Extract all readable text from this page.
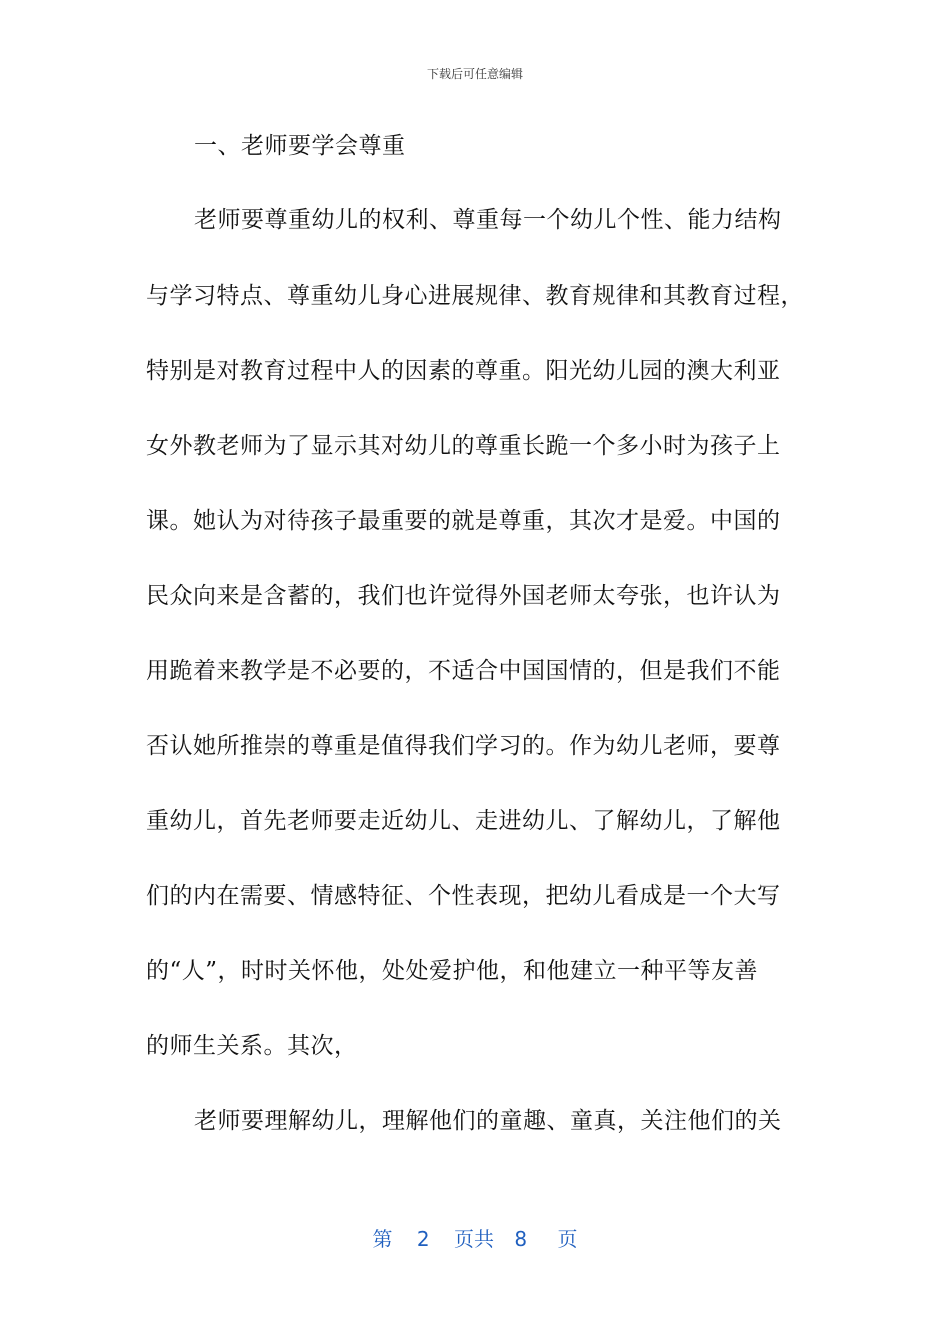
下载后可任意编辑
一、老师要学会尊重
老师要尊重幼儿的权利、尊重每一个幼儿个性、能力结构
与学习特点、尊重幼儿身心进展规律、教育规律和其教育过程，
特别是对教育过程中人的因素的尊重。阳光幼儿园的澳大利亚
女外教老师为了显示其对幼儿的尊重长跪一个多小时为孩子上
课。她认为对待孩子最重要的就是尊重，其次才是爱。中国的
民众向来是含蓄的，我们也许觉得外国老师太夸张，也许认为
用跪着来教学是不必要的，不适合中国国情的，但是我们不能
否认她所推崇的尊重是值得我们学习的。作为幼儿老师，要尊
重幼儿，首先老师要走近幼儿、走进幼儿、了解幼儿，了解他
们的内在需要、情感特征、个性表现，把幼儿看成是一个大写
的“人”，时时关怀他，处处爱护他，和他建立一种平等友善
的师生关系。其次，
老师要理解幼儿，理解他们的童趣、童真，关注他们的关
第 2 页共 8 页
